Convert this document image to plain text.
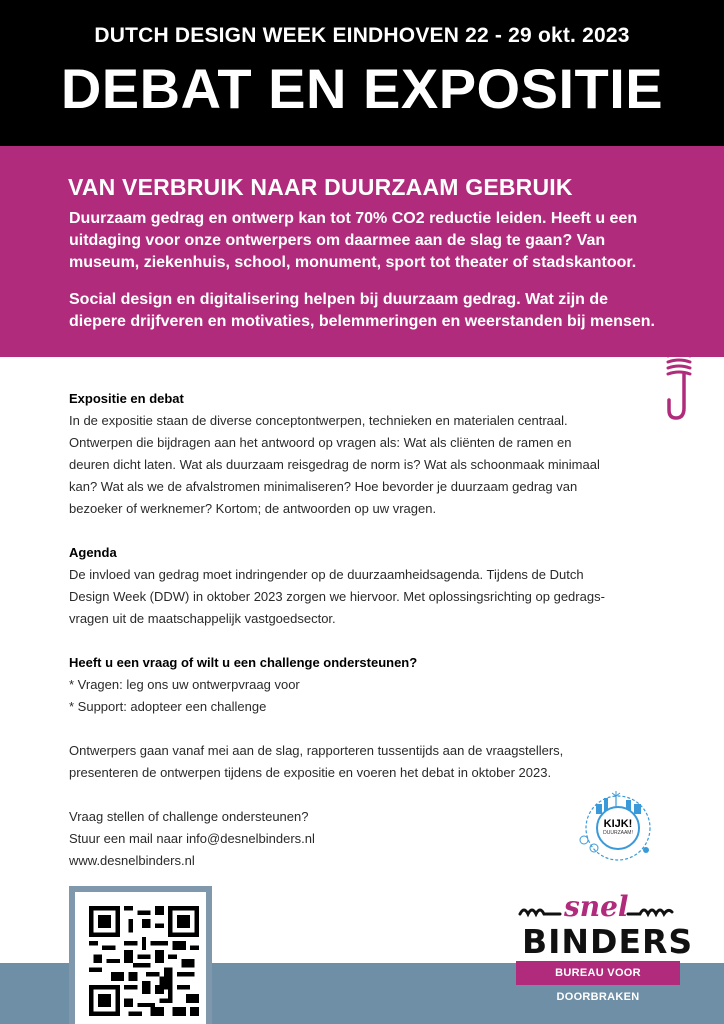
DUTCH DESIGN WEEK EINDHOVEN 22 - 29 okt. 2023
DEBAT EN EXPOSITIE
VAN VERBRUIK NAAR DUURZAAM GEBRUIK
Duurzaam gedrag en ontwerp kan tot 70% CO2 reductie leiden. Heeft u een uitdaging voor onze ontwerpers om daarmee aan de slag te gaan? Van museum, ziekenhuis, school, monument, sport tot theater of stadskantoor.
Social design en digitalisering helpen bij duurzaam gedrag. Wat zijn de diepere drijfveren en motivaties, belemmeringen en weerstanden bij mensen.
Expositie en debat
In de expositie staan de diverse conceptontwerpen, technieken en materialen centraal.
Ontwerpen die bijdragen aan het antwoord op vragen als: Wat als cliënten de ramen en
deuren dicht laten. Wat als duurzaam reisgedrag de norm is? Wat als schoonmaak minimaal
kan? Wat als we de afvalstromen minimaliseren? Hoe bevorder je duurzaam gedrag van
bezoeker of werknemer? Kortom; de antwoorden op uw vragen.
Agenda
De invloed van gedrag moet indringender op de duurzaamheidsagenda. Tijdens de Dutch
Design Week (DDW) in oktober 2023 zorgen we hiervoor. Met oplossingsrichting op gedrags-
vragen uit de maatschappelijk vastgoedsector.
Heeft u een vraag of wilt u een challenge ondersteunen?
* Vragen: leg ons uw ontwerpvraag voor
* Support: adopteer een challenge
Ontwerpers gaan vanaf mei aan de slag, rapporteren tussentijds aan de vraagstellers,
presenteren de ontwerpen tijdens de expositie en voeren het debat in oktober 2023.
Vraag stellen of challenge ondersteunen?
Stuur een mail naar info@desnelbinders.nl
www.desnelbinders.nl
KIJK!
DUURZAAM!
snel
BINDERS
BUREAU VOOR DOORBRAKEN
